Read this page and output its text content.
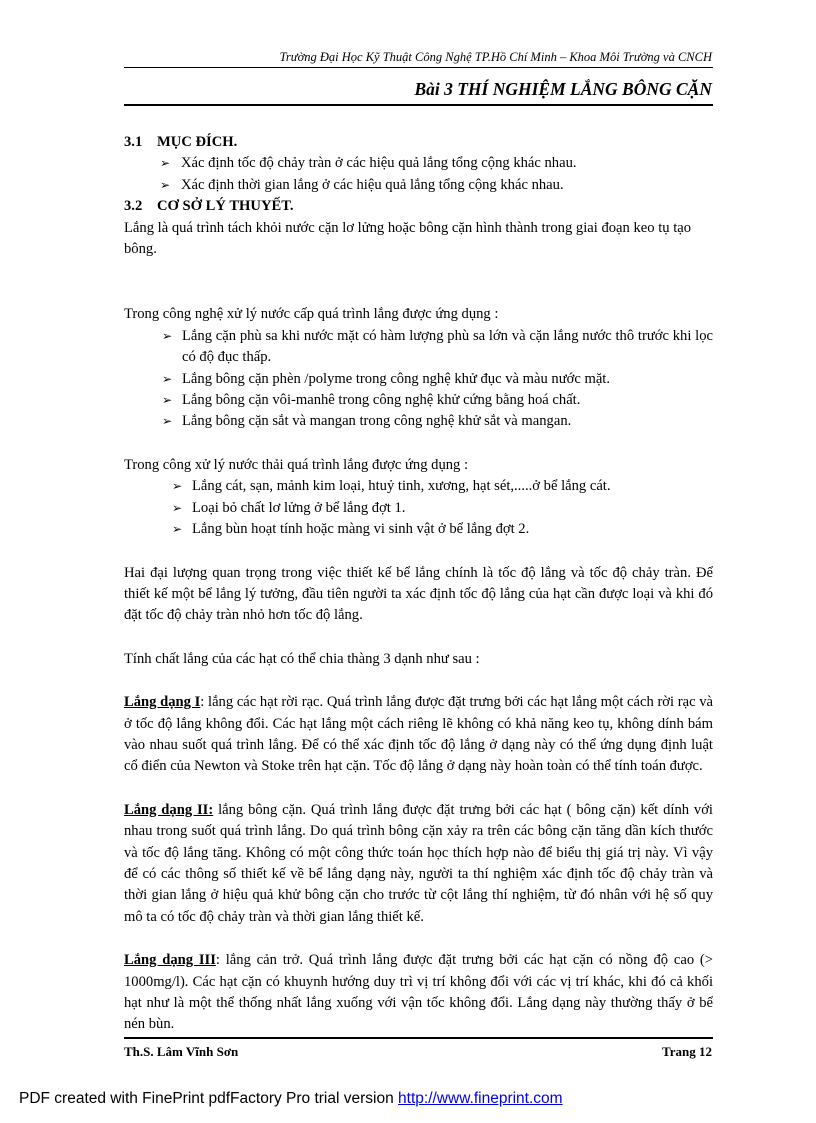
Trường Đại Học Kỹ Thuật Công Nghệ TP.Hồ Chí Minh – Khoa Môi Trường và CNCH
Bài 3 THÍ NGHIỆM LẮNG BÔNG CẶN
3.1 MỤC ĐÍCH.
➢ Xác định tốc độ chảy tràn ở các hiệu quả lắng tổng cộng khác nhau.
➢ Xác định thời gian lắng ở các hiệu quả lắng tổng cộng khác nhau.
3.2 CƠ SỞ LÝ THUYẾT.

Lắng là quá trình tách khỏi nước cặn lơ lửng hoặc bông cặn hình thành trong giai đoạn keo tụ tạo bông.

Trong công nghệ xử lý nước cấp quá trình lắng được ứng dụng :

➢ Lắng cặn phù sa khi nước mặt có hàm lượng phù sa lớn và cặn lắng nước thô trước khi lọc có độ đục thấp.
➢ Lắng bông cặn phèn /polyme trong công nghệ khử đục và màu nước mặt.
➢ Lắng bông cặn vôi-manhê trong công nghệ khử cứng bằng hoá chất.
➢ Lắng bông cặn sắt và mangan trong công nghệ khử sắt và mangan.

Trong công xử lý nước thải quá trình lắng được ứng dụng :

➢ Lắng cát, sạn, mảnh kim loại, htuỷ tinh, xương, hạt sét,.....ở bể lắng cát.
➢ Loại bỏ chất lơ lửng ở bể lắng đợt 1.
➢ Lắng bùn hoạt tính hoặc màng vi sinh vật ở bể lắng đợt 2.

Hai đại lượng quan trọng trong việc thiết kế bể lắng chính là tốc độ lắng và tốc độ chảy tràn. Để thiết kế một bể lắng lý tưởng, đầu tiên người ta xác định tốc độ lắng của hạt cần được loại và khi đó đặt tốc độ chảy tràn nhỏ hơn tốc độ lắng.

Tính chất lắng của các hạt có thể chia thàng 3 dạnh như sau :

Lắng dạng I: lắng các hạt rời rạc. Quá trình lắng được đặt trưng bởi các hạt lắng một cách rời rạc và ở tốc độ lắng không đổi. Các hạt lắng một cách riêng lẽ không có khả năng keo tụ, không dính bám vào nhau suốt quá trình lắng. Để có thể xác định tốc độ lắng ở dạng này có thể ứng dụng định luật cổ điển của Newton và Stoke trên hạt cặn. Tốc độ lắng ở dạng này hoàn toàn có thể tính toán được.

Lắng dạng II: lắng bông cặn. Quá trình lắng được đặt trưng bởi các hạt ( bông cặn) kết dính với nhau trong suốt quá trình lắng. Do quá trình bông cặn xảy ra trên các bông cặn tăng dần kích thước và tốc độ lắng tăng. Không có một công thức toán học thích hợp nào để biểu thị giá trị này. Vì vậy để có các thông số thiết kế về bể lắng dạng này, người ta thí nghiệm xác định tốc độ chảy tràn và thời gian lắng ở hiệu quả khử bông cặn cho trước từ cột lắng thí nghiệm, từ đó nhân với hệ số quy mô ta có tốc độ chảy tràn và thời gian lắng thiết kế.

Lắng dạng III: lắng cản trở. Quá trình lắng được đặt trưng bởi các hạt cặn có nồng độ cao (> 1000mg/l). Các hạt cặn có khuynh hướng duy trì vị trí không đổi với các vị trí khác, khi đó cả khối hạt như là một thể thống nhất lắng xuống với vận tốc không đổi. Lắng dạng này thường thấy ở bể nén bùn.

Th.S. Lâm Vĩnh Sơn	Trang 12
PDF created with FinePrint pdfFactory Pro trial version http://www.fineprint.com
